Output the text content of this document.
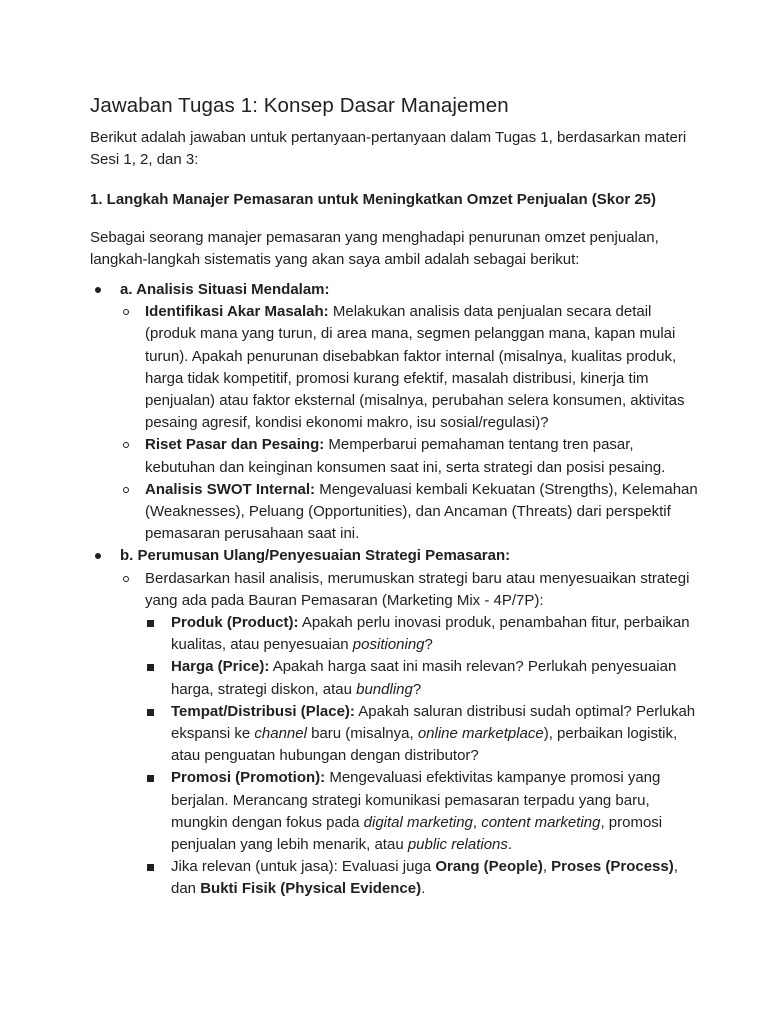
Jawaban Tugas 1: Konsep Dasar Manajemen

Berikut adalah jawaban untuk pertanyaan-pertanyaan dalam Tugas 1, berdasarkan materi Sesi 1, 2, dan 3:

1. Langkah Manajer Pemasaran untuk Meningkatkan Omzet Penjualan (Skor 25)

Sebagai seorang manajer pemasaran yang menghadapi penurunan omzet penjualan, langkah-langkah sistematis yang akan saya ambil adalah sebagai berikut:

a. Analisis Situasi Mendalam:
Identifikasi Akar Masalah: Melakukan analisis data penjualan secara detail (produk mana yang turun, di area mana, segmen pelanggan mana, kapan mulai turun). Apakah penurunan disebabkan faktor internal (misalnya, kualitas produk, harga tidak kompetitif, promosi kurang efektif, masalah distribusi, kinerja tim penjualan) atau faktor eksternal (misalnya, perubahan selera konsumen, aktivitas pesaing agresif, kondisi ekonomi makro, isu sosial/regulasi)?
Riset Pasar dan Pesaing: Memperbarui pemahaman tentang tren pasar, kebutuhan dan keinginan konsumen saat ini, serta strategi dan posisi pesaing.
Analisis SWOT Internal: Mengevaluasi kembali Kekuatan (Strengths), Kelemahan (Weaknesses), Peluang (Opportunities), dan Ancaman (Threats) dari perspektif pemasaran perusahaan saat ini.
b. Perumusan Ulang/Penyesuaian Strategi Pemasaran:
Berdasarkan hasil analisis, merumuskan strategi baru atau menyesuaikan strategi yang ada pada Bauran Pemasaran (Marketing Mix - 4P/7P):
Produk (Product): Apakah perlu inovasi produk, penambahan fitur, perbaikan kualitas, atau penyesuaian positioning?
Harga (Price): Apakah harga saat ini masih relevan? Perlukah penyesuaian harga, strategi diskon, atau bundling?
Tempat/Distribusi (Place): Apakah saluran distribusi sudah optimal? Perlukah ekspansi ke channel baru (misalnya, online marketplace), perbaikan logistik, atau penguatan hubungan dengan distributor?
Promosi (Promotion): Mengevaluasi efektivitas kampanye promosi yang berjalan. Merancang strategi komunikasi pemasaran terpadu yang baru, mungkin dengan fokus pada digital marketing, content marketing, promosi penjualan yang lebih menarik, atau public relations.
Jika relevan (untuk jasa): Evaluasi juga Orang (People), Proses (Process), dan Bukti Fisik (Physical Evidence).
